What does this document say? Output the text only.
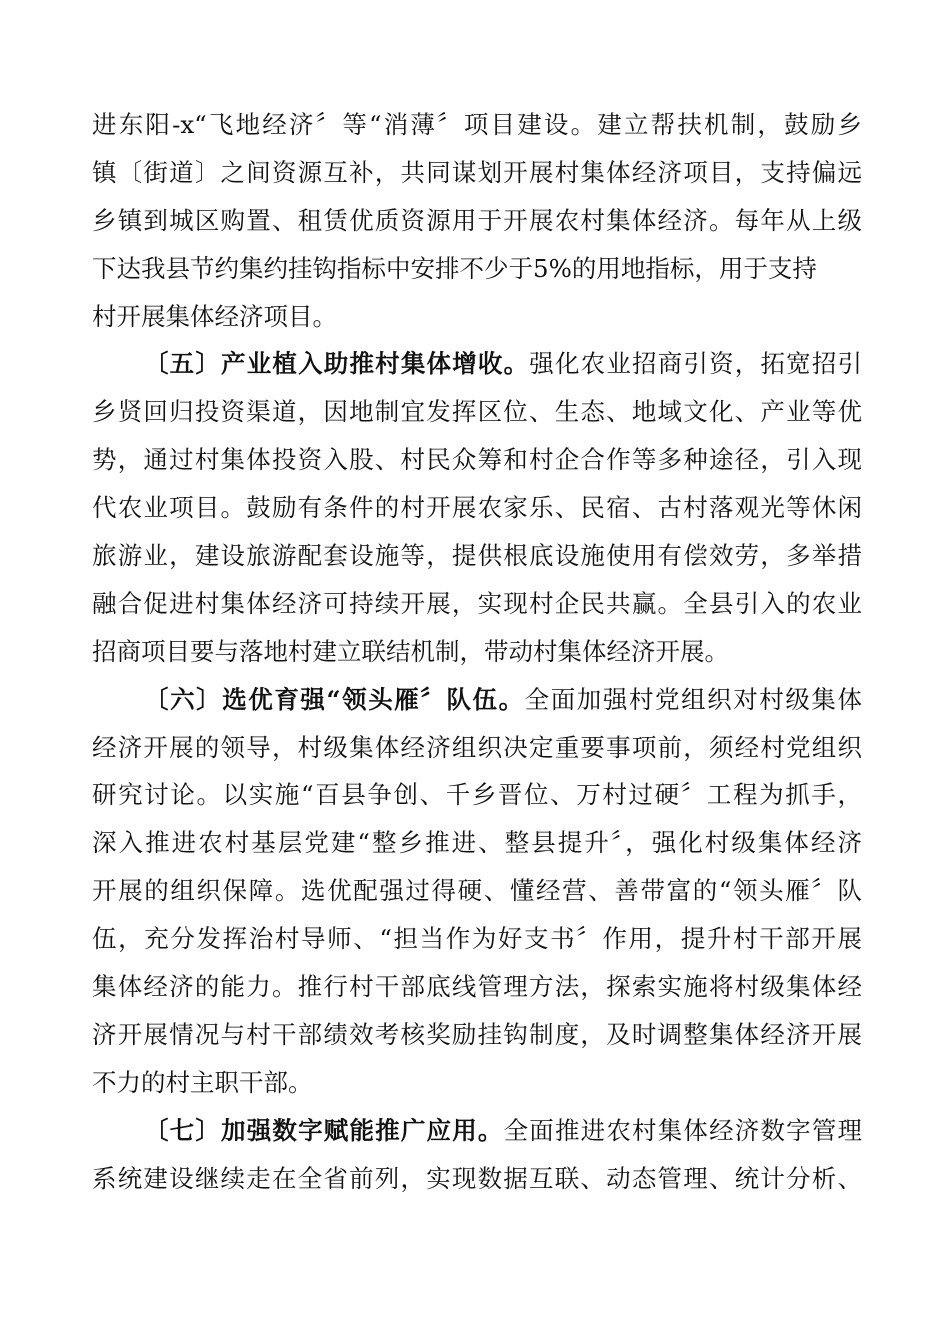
进东阳-x“飞地经济〞等“消薄〞项目建设。建立帮扶机制，鼓励乡
镇〔街道〕之间资源互补，共同谋划开展村集体经济项目，支持偏远
乡镇到城区购置、租赁优质资源用于开展农村集体经济。每年从上级
下达我县节约集约挂钩指标中安排不少于5%的用地指标，用于支持
村开展集体经济项目。
〔五〕产业植入助推村集体增收。强化农业招商引资，拓宽招引
乡贤回归投资渠道，因地制宜发挥区位、生态、地域文化、产业等优
势，通过村集体投资入股、村民众筹和村企合作等多种途径，引入现
代农业项目。鼓励有条件的村开展农家乐、民宿、古村落观光等休闲
旅游业，建设旅游配套设施等，提供根底设施使用有偿效劳，多举措
融合促进村集体经济可持续开展，实现村企民共赢。全县引入的农业
招商项目要与落地村建立联结机制，带动村集体经济开展。
〔六〕选优育强“领头雁〞队伍。全面加强村党组织对村级集体
经济开展的领导，村级集体经济组织决定重要事项前，须经村党组织
研究讨论。以实施“百县争创、千乡晋位、万村过硬〞工程为抓手，
深入推进农村基层党建“整乡推进、整县提升〞，强化村级集体经济
开展的组织保障。选优配强过得硬、懂经营、善带富的“领头雁〞队
伍，充分发挥治村导师、“担当作为好支书〞作用，提升村干部开展
集体经济的能力。推行村干部底线管理方法，探索实施将村级集体经
济开展情况与村干部绩效考核奖励挂钩制度，及时调整集体经济开展
不力的村主职干部。
〔七〕加强数字赋能推广应用。全面推进农村集体经济数字管理
系统建设继续走在全省前列，实现数据互联、动态管理、统计分析、
